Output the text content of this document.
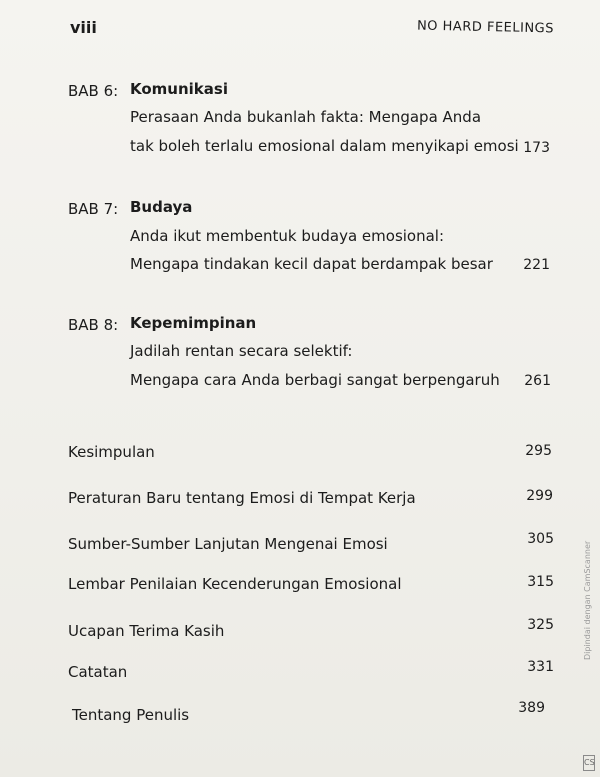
viii	NO HARD FEELINGS
BAB 6: Komunikasi
Perasaan Anda bukanlah fakta: Mengapa Anda
tak boleh terlalu emosional dalam menyikapi emosi 173
BAB 7: Budaya
Anda ikut membentuk budaya emosional:
Mengapa tindakan kecil dapat berdampak besar	221
BAB 8: Kepemimpinan
Jadilah rentan secara selektif:
Mengapa cara Anda berbagi sangat berpengaruh	261
Kesimpulan	295
Peraturan Baru tentang Emosi di Tempat Kerja	299
Sumber-Sumber Lanjutan Mengenai Emosi	305
Lembar Penilaian Kecenderungan Emosional	315
Ucapan Terima Kasih	325
Catatan	331
Tentang Penulis	389
Dipindai dengan CamScanner
CS
